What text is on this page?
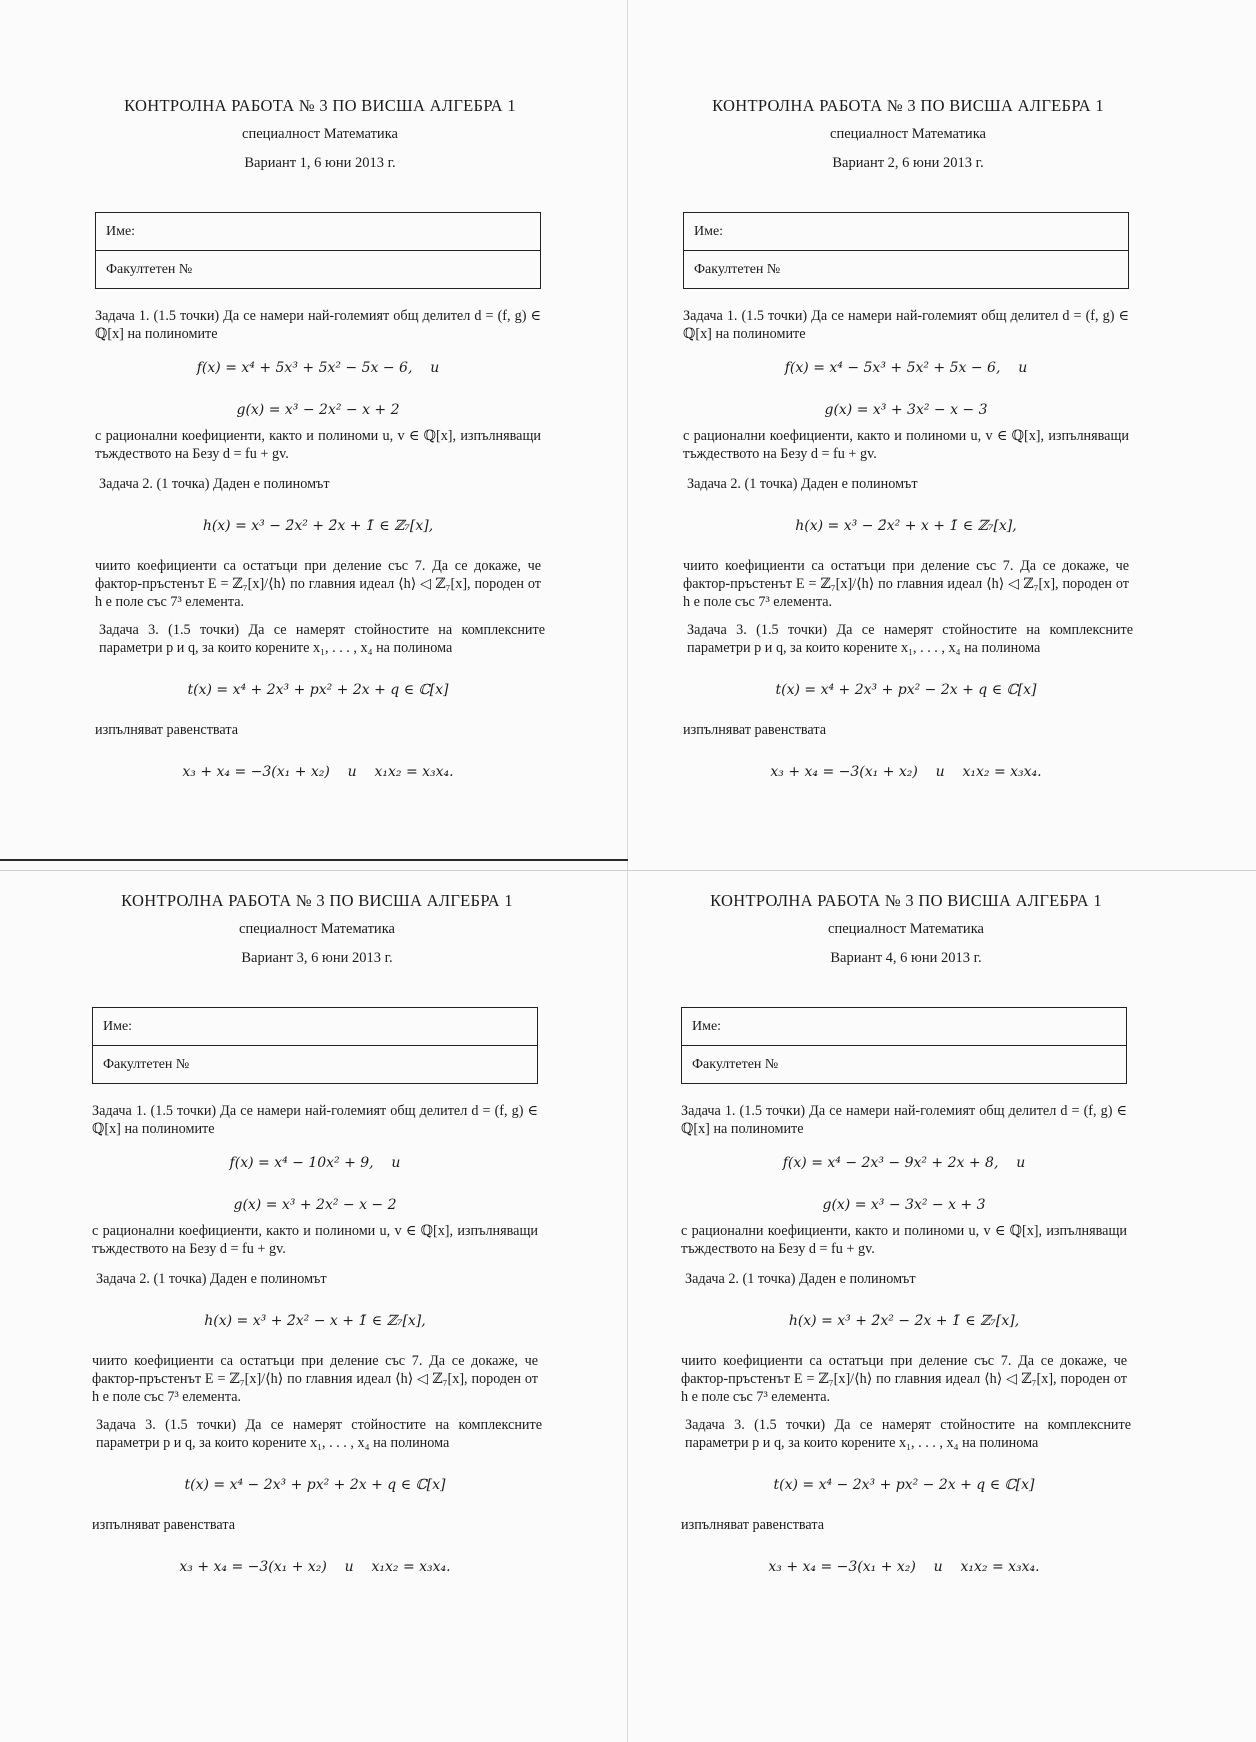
КОНТРОЛНА РАБОТА № 3 ПО ВИСША АЛГЕБРА 1

специалност Математика

Вариант 1, 6 юни 2013 г.

Име:
Факултетен №

Задача 1. (1.5 точки) Да се намери най-големият общ делител d = (f, g) ∈ ℚ[x] на полиномите

f(x) = x⁴ + 5x³ + 5x² − 5x − 6,    и

g(x) = x³ − 2x² − x + 2

с рационални коефициенти, както и полиноми u, v ∈ ℚ[x], изпълняващи тъждеството на Безу d = fu + gv.

Задача 2. (1 точка) Даден е полиномът

h(x) = x³ − 2̄x² + 2̄x + 1̄ ∈ ℤ₇[x],

чиито коефициенти са остатъци при деление със 7. Да се докаже, че фактор-пръстенът E = ℤ₇[x]/⟨h⟩ по главния идеал ⟨h⟩ ◁ ℤ₇[x], породен от h е поле със 7³ елемента.

Задача 3. (1.5 точки) Да се намерят стойностите на комплексните параметри p и q, за които корените x₁, . . . , x₄ на полинома

t(x) = x⁴ + 2x³ + px² + 2x + q ∈ ℂ[x]

изпълняват равенствата

x₃ + x₄ = −3(x₁ + x₂)    и    x₁x₂ = x₃x₄.

КОНТРОЛНА РАБОТА № 3 ПО ВИСША АЛГЕБРА 1

специалност Математика

Вариант 2, 6 юни 2013 г.

Име:
Факултетен №

Задача 1. (1.5 точки) Да се намери най-големият общ делител d = (f, g) ∈ ℚ[x] на полиномите

f(x) = x⁴ − 5x³ + 5x² + 5x − 6,    и

g(x) = x³ + 3x² − x − 3

с рационални коефициенти, както и полиноми u, v ∈ ℚ[x], изпълняващи тъждеството на Безу d = fu + gv.

Задача 2. (1 точка) Даден е полиномът

h(x) = x³ − 2̄x² + x + 1̄ ∈ ℤ₇[x],

чиито коефициенти са остатъци при деление със 7. Да се докаже, че фактор-пръстенът E = ℤ₇[x]/⟨h⟩ по главния идеал ⟨h⟩ ◁ ℤ₇[x], породен от h е поле със 7³ елемента.

Задача 3. (1.5 точки) Да се намерят стойностите на комплексните параметри p и q, за които корените x₁, . . . , x₄ на полинома

t(x) = x⁴ + 2x³ + px² − 2x + q ∈ ℂ[x]

изпълняват равенствата

x₃ + x₄ = −3(x₁ + x₂)    и    x₁x₂ = x₃x₄.

КОНТРОЛНА РАБОТА № 3 ПО ВИСША АЛГЕБРА 1

специалност Математика

Вариант 3, 6 юни 2013 г.

Име:
Факултетен №

Задача 1. (1.5 точки) Да се намери най-големият общ делител d = (f, g) ∈ ℚ[x] на полиномите

f(x) = x⁴ − 10x² + 9,    и

g(x) = x³ + 2x² − x − 2

с рационални коефициенти, както и полиноми u, v ∈ ℚ[x], изпълняващи тъждеството на Безу d = fu + gv.

Задача 2. (1 точка) Даден е полиномът

h(x) = x³ + 2̄x² − x + 1̄ ∈ ℤ₇[x],

чиито коефициенти са остатъци при деление със 7. Да се докаже, че фактор-пръстенът E = ℤ₇[x]/⟨h⟩ по главния идеал ⟨h⟩ ◁ ℤ₇[x], породен от h е поле със 7³ елемента.

Задача 3. (1.5 точки) Да се намерят стойностите на комплексните параметри p и q, за които корените x₁, . . . , x₄ на полинома

t(x) = x⁴ − 2x³ + px² + 2x + q ∈ ℂ[x]

изпълняват равенствата

x₃ + x₄ = −3(x₁ + x₂)    и    x₁x₂ = x₃x₄.

КОНТРОЛНА РАБОТА № 3 ПО ВИСША АЛГЕБРА 1

специалност Математика

Вариант 4, 6 юни 2013 г.

Име:
Факултетен №

Задача 1. (1.5 точки) Да се намери най-големият общ делител d = (f, g) ∈ ℚ[x] на полиномите

f(x) = x⁴ − 2x³ − 9x² + 2x + 8,    и

g(x) = x³ − 3x² − x + 3

с рационални коефициенти, както и полиноми u, v ∈ ℚ[x], изпълняващи тъждеството на Безу d = fu + gv.

Задача 2. (1 точка) Даден е полиномът

h(x) = x³ + 2̄x² − 2̄x + 1̄ ∈ ℤ₇[x],

чиито коефициенти са остатъци при деление със 7. Да се докаже, че фактор-пръстенът E = ℤ₇[x]/⟨h⟩ по главния идеал ⟨h⟩ ◁ ℤ₇[x], породен от h е поле със 7³ елемента.

Задача 3. (1.5 точки) Да се намерят стойностите на комплексните параметри p и q, за които корените x₁, . . . , x₄ на полинома

t(x) = x⁴ − 2x³ + px² − 2x + q ∈ ℂ[x]

изпълняват равенствата

x₃ + x₄ = −3(x₁ + x₂)    и    x₁x₂ = x₃x₄.
